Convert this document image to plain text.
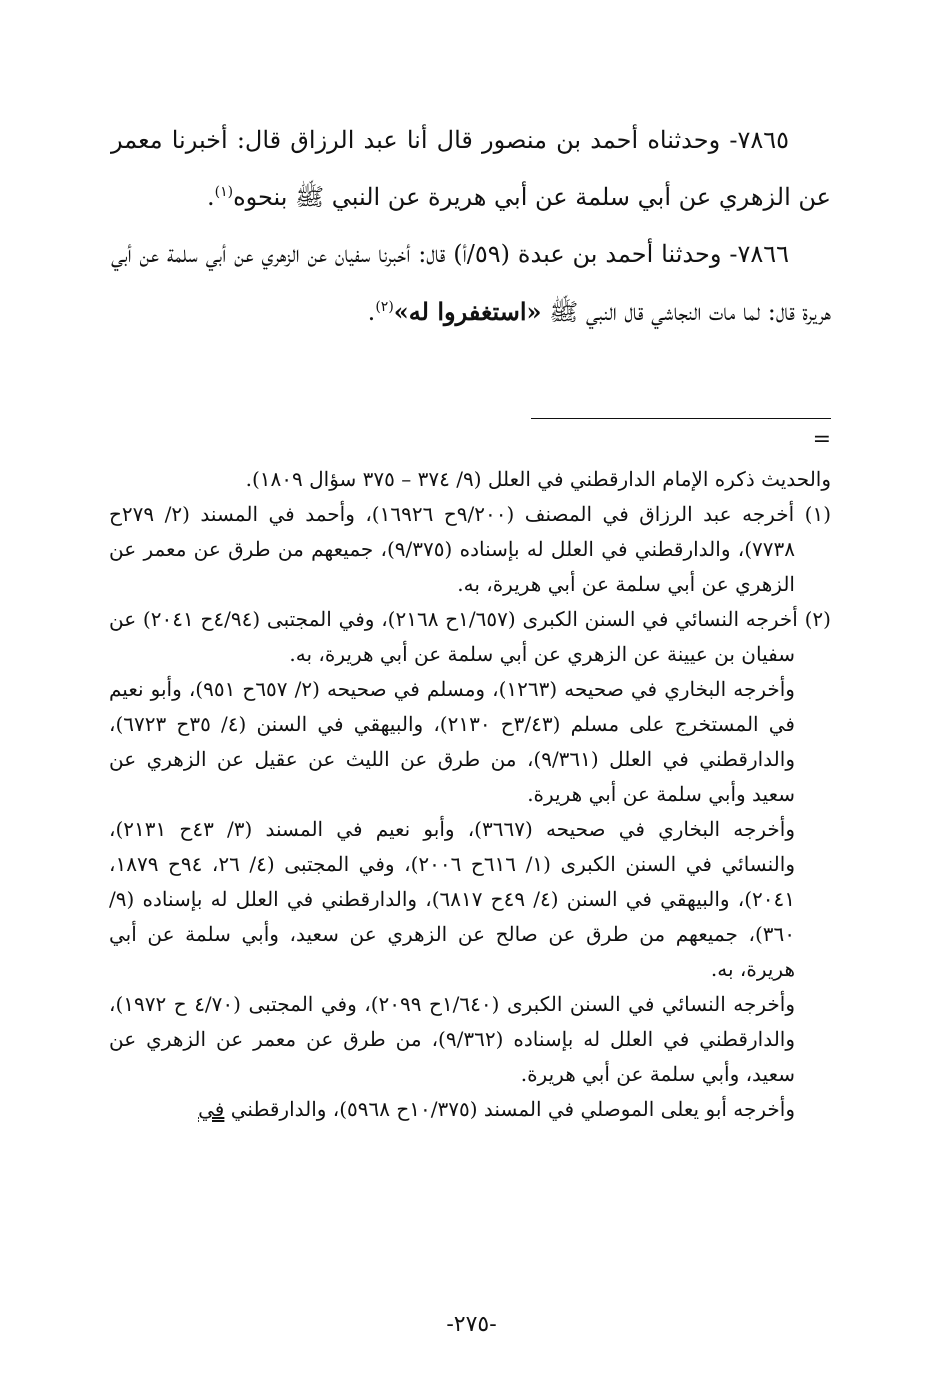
٧٨٦٥- وحدثناه أحمد بن منصور قال أنا عبد الرزاق قال: أخبرنا معمر عن الزهري عن أبي سلمة عن أبي هريرة عن النبي ﷺ بنحوه$^{(١)}$.

٧٨٦٦- وحدثنا أحمد بن عبدة (٥٩/أ) قال: أخبرنا سفيان عن الزهري عن أبي سلمة عن أبي هريرة قال: لما مات النجاشي قال النبي ﷺ «استغفروا له»$^{(٢)}$.

=

والحديث ذكره الإمام الدارقطني في العلل (٩/ ٣٧٤ – ٣٧٥ سؤال ١٨٠٩).

(١) أخرجه عبد الرزاق في المصنف (٩/٢٠٠ح ١٦٩٢٦)، وأحمد في المسند (٢/ ٢٧٩ح ٧٧٣٨)، والدارقطني في العلل له بإسناده (٩/٣٧٥)، جميعهم من طرق عن معمر عن الزهري عن أبي سلمة عن أبي هريرة، به.

(٢) أخرجه النسائي في السنن الكبرى (١/٦٥٧ح ٢١٦٨)، وفي المجتبى (٤/٩٤ح ٢٠٤١) عن سفيان بن عيينة عن الزهري عن أبي سلمة عن أبي هريرة، به.

وأخرجه البخاري في صحيحه (١٢٦٣)، ومسلم في صحيحه (٢/ ٦٥٧ح ٩٥١)، وأبو نعيم في المستخرج على مسلم (٣/٤٣ح ٢١٣٠)، والبيهقي في السنن (٤/ ٣٥ح ٦٧٢٣)، والدارقطني في العلل (٩/٣٦١)، من طرق عن الليث عن عقيل عن الزهري عن سعيد وأبي سلمة عن أبي هريرة.

وأخرجه البخاري في صحيحه (٣٦٦٧)، وأبو نعيم في المسند (٣/ ٤٣ح ٢١٣١)، والنسائي في السنن الكبرى (١/ ٦١٦ح ٢٠٠٦)، وفي المجتبى (٤/ ٢٦، ٩٤ح ١٨٧٩، ٢٠٤١)، والبيهقي في السنن (٤/ ٤٩ح ٦٨١٧)، والدارقطني في العلل له بإسناده (٩/ ٣٦٠)، جميعهم من طرق عن صالح عن الزهري عن سعيد، وأبي سلمة عن أبي هريرة، به.

وأخرجه النسائي في السنن الكبرى (١/٦٤٠ح ٢٠٩٩)، وفي المجتبى (٤/٧٠ ح ١٩٧٢)، والدارقطني في العلل له بإسناده (٩/٣٦٢)، من طرق عن معمر عن الزهري عن سعيد، وأبي سلمة عن أبي هريرة.

وأخرجه أبو يعلى الموصلي في المسند (١٠/٣٧٥ح ٥٩٦٨)، والدارقطني في

-٢٧٥-
